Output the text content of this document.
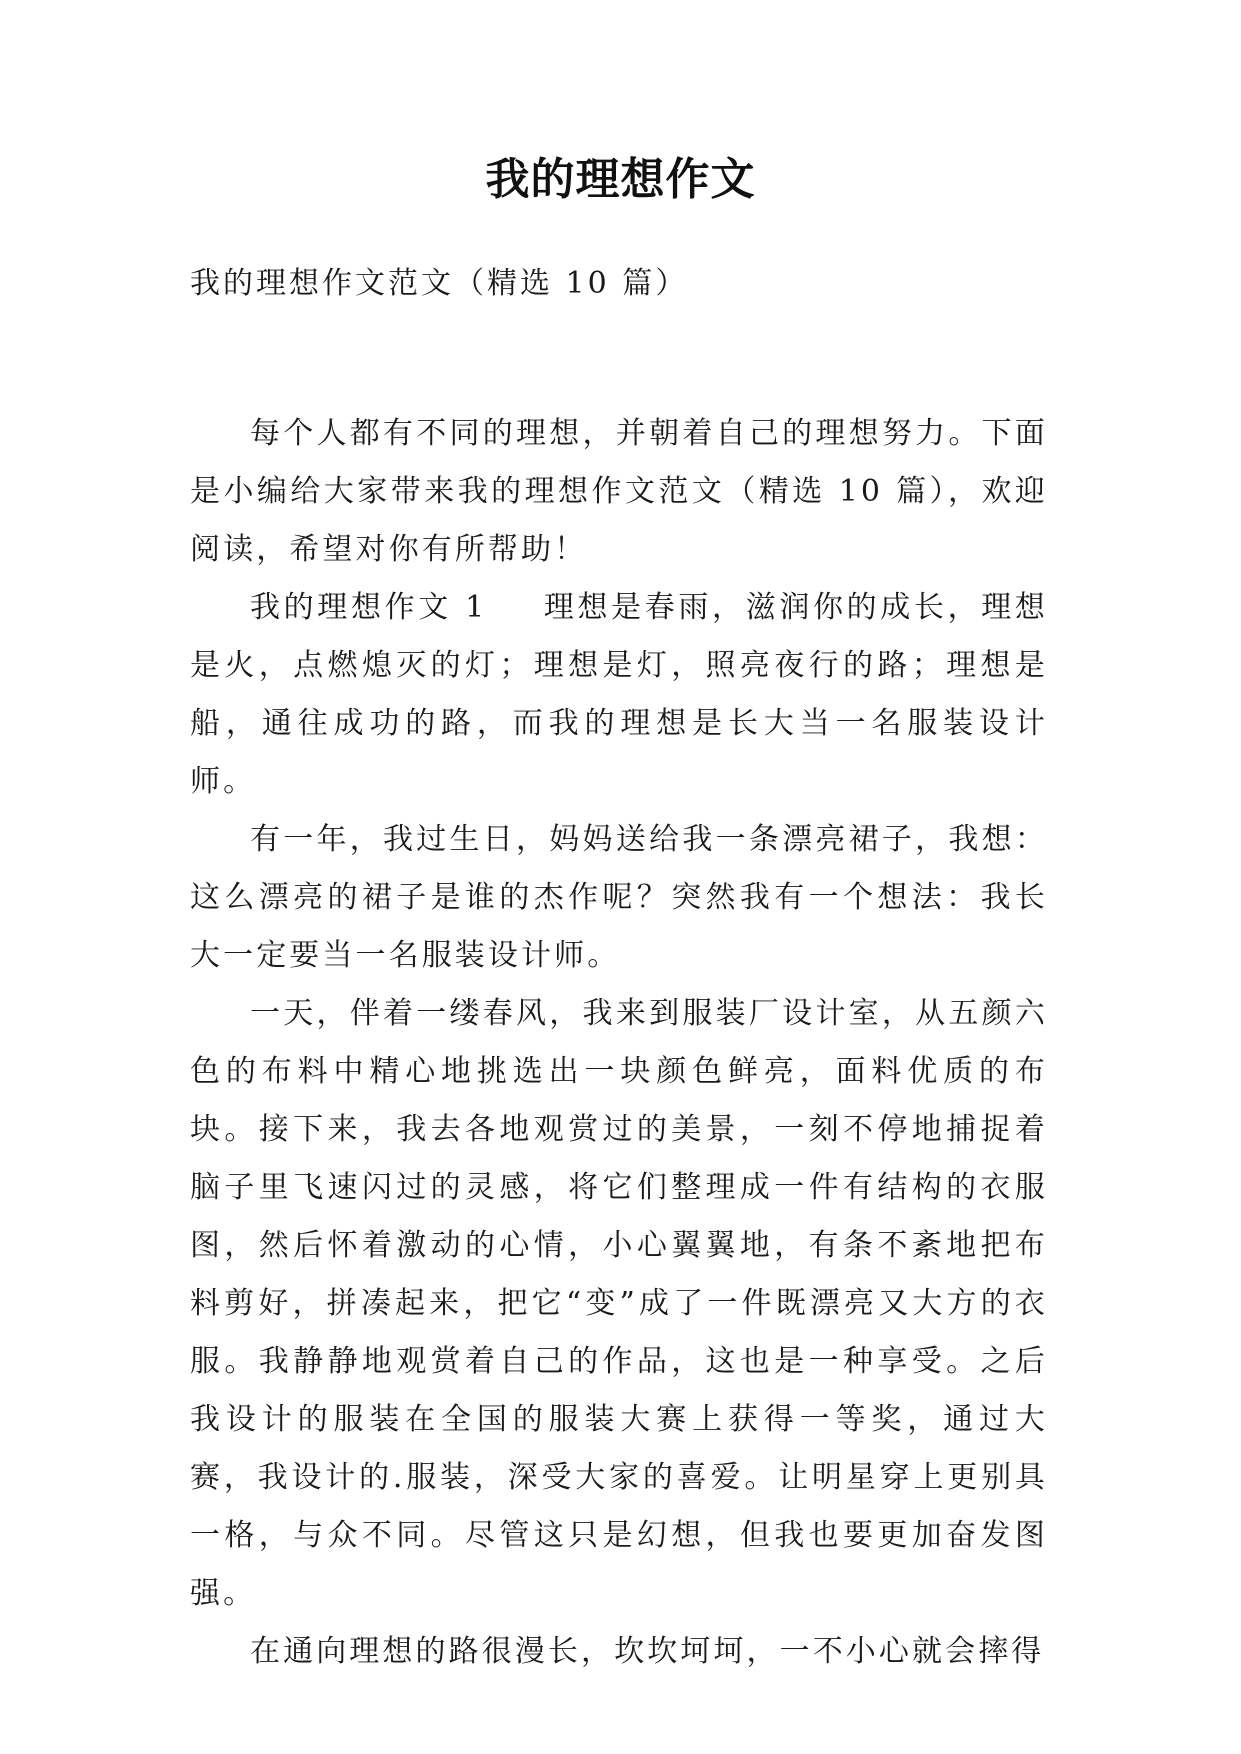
我的理想作文

我的理想作文范文（精选 10 篇）

每个人都有不同的理想，并朝着自己的理想努力。下面是小编给大家带来我的理想作文范文（精选 10 篇），欢迎阅读，希望对你有所帮助！

我的理想作文 1 理想是春雨，滋润你的成长，理想是火，点燃熄灭的灯；理想是灯，照亮夜行的路；理想是船，通往成功的路，而我的理想是长大当一名服装设计师。

有一年，我过生日，妈妈送给我一条漂亮裙子，我想：这么漂亮的裙子是谁的杰作呢？突然我有一个想法：我长大一定要当一名服装设计师。

一天，伴着一缕春风，我来到服装厂设计室，从五颜六色的布料中精心地挑选出一块颜色鲜亮，面料优质的布块。接下来，我去各地观赏过的美景，一刻不停地捕捉着脑子里飞速闪过的灵感，将它们整理成一件有结构的衣服图，然后怀着激动的心情，小心翼翼地，有条不紊地把布料剪好，拼凑起来，把它“变”成了一件既漂亮又大方的衣服。我静静地观赏着自己的作品，这也是一种享受。之后我设计的服装在全国的服装大赛上获得一等奖，通过大赛，我设计的.服装，深受大家的喜爱。让明星穿上更别具一格，与众不同。尽管这只是幻想，但我也要更加奋发图强。

在通向理想的路很漫长，坎坎坷坷，一不小心就会摔得
